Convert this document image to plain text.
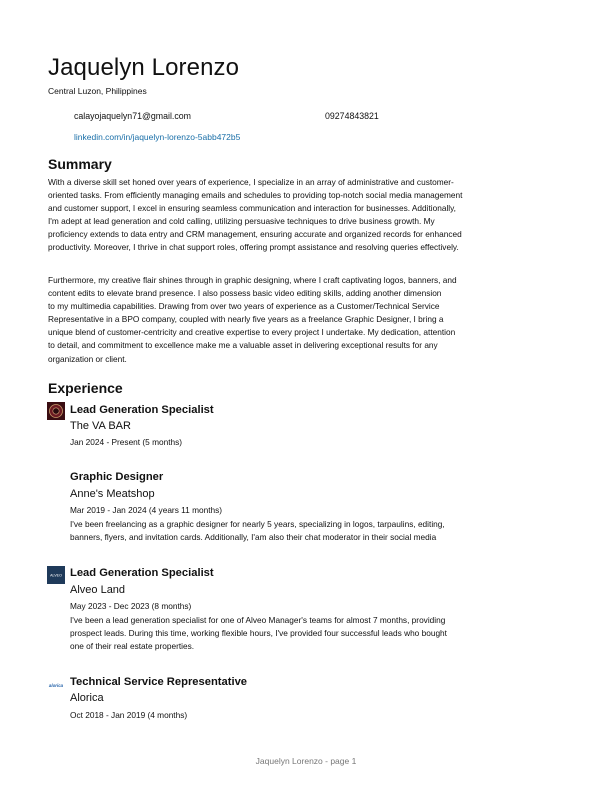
Jaquelyn Lorenzo
Central Luzon, Philippines
calayojaquelyn71@gmail.com	09274843821
linkedin.com/in/jaquelyn-lorenzo-5abb472b5
Summary
With a diverse skill set honed over years of experience, I specialize in an array of administrative and customer-
oriented tasks. From efficiently managing emails and schedules to providing top-notch social media management
and customer support, I excel in ensuring seamless communication and interaction for businesses. Additionally,
I'm adept at lead generation and cold calling, utilizing persuasive techniques to drive business growth. My
proficiency extends to data entry and CRM management, ensuring accurate and organized records for enhanced
productivity. Moreover, I thrive in chat support roles, offering prompt assistance and resolving queries effectively.
Furthermore, my creative flair shines through in graphic designing, where I craft captivating logos, banners, and
content edits to elevate brand presence. I also possess basic video editing skills, adding another dimension
to my multimedia capabilities. Drawing from over two years of experience as a Customer/Technical Service
Representative in a BPO company, coupled with nearly five years as a freelance Graphic Designer, I bring a
unique blend of customer-centricity and creative expertise to every project I undertake. My dedication, attention
to detail, and commitment to excellence make me a valuable asset in delivering exceptional results for any
organization or client.
Experience
Lead Generation Specialist
The VA BAR
Jan 2024 - Present (5 months)
Graphic Designer
Anne's Meatshop
Mar 2019 - Jan 2024 (4 years 11 months)
I've been freelancing as a graphic designer for nearly 5 years, specializing in logos, tarpaulins, editing,
banners, flyers, and invitation cards. Additionally, I'am also their chat moderator in their social media
ALVEO Lead Generation Specialist
Alveo Land
May 2023 - Dec 2023 (8 months)
I've been a lead generation specialist for one of Alveo Manager's teams for almost 7 months, providing
prospect leads. During this time, working flexible hours, I've provided four successful leads who bought
one of their real estate properties.
alorica Technical Service Representative
Alorica
Oct 2018 - Jan 2019 (4 months)
Jaquelyn Lorenzo - page 1
